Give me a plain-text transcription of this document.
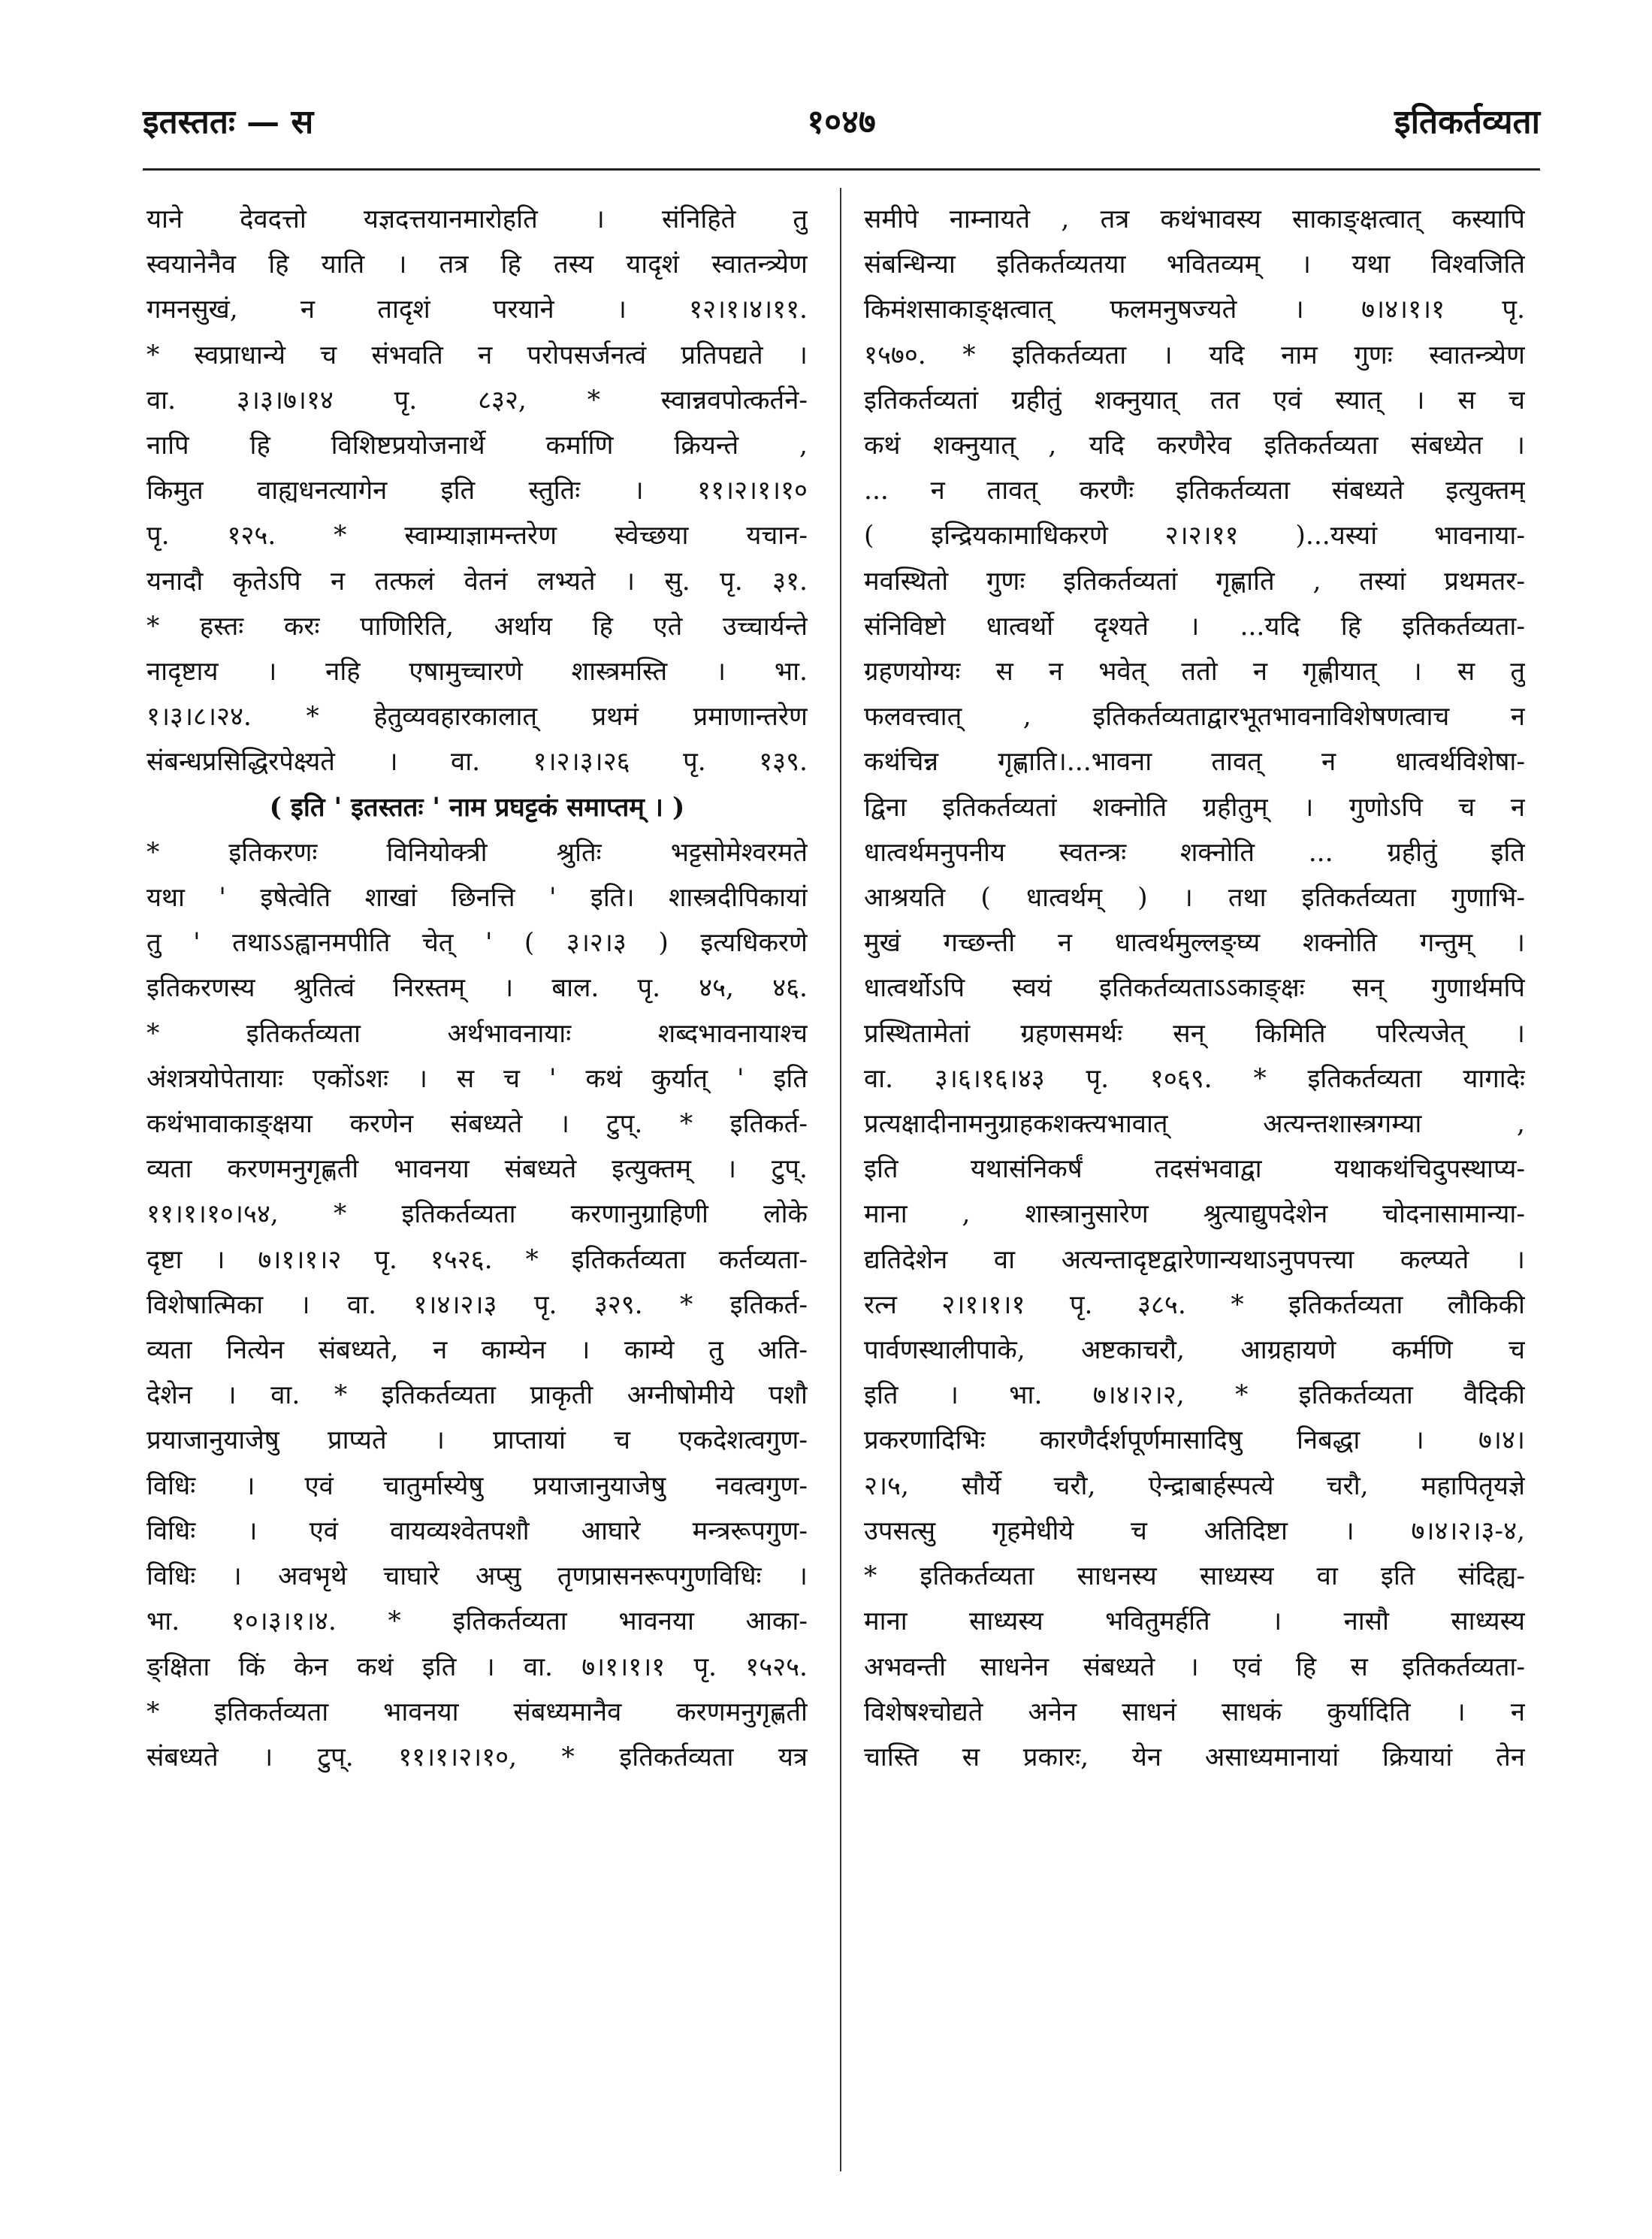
इतस्ततः — स	१०४७	इतिकर्तव्यता
याने देवदत्तो यज्ञदत्तयानमारोहति । संनिहिते तु
स्वयानेनैव हि याति । तत्र हि तस्य यादृशं स्वातन्त्र्येण
गमनसुखं, न तादृशं परयाने । १२।१।४।११.
* स्वप्राधान्ये च संभवति न परोपसर्जनत्वं प्रतिपद्यते ।
वा. ३।३।७।१४ पृ. ८३२, * स्वान्नवपोत्कर्तने-
नापि हि विशिष्टप्रयोजनार्थे कर्माणि क्रियन्ते ,
किमुत वाह्यधनत्यागेन इति स्तुतिः । ११।२।१।१०
पृ. १२५. * स्वाम्याज्ञामन्तरेण स्वेच्छया यचान-
यनादौ कृतेऽपि न तत्फलं वेतनं लभ्यते । सु. पृ. ३१.
* हस्तः करः पाणिरिति, अर्थाय हि एते उच्चार्यन्ते
नादृष्टाय । नहि एषामुच्चारणे शास्त्रमस्ति । भा.
१।३।८।२४. * हेतुव्यवहारकालात् प्रथमं प्रमाणान्तरेण
संबन्धप्रसिद्धिरपेक्ष्यते । वा. १।२।३।२६ पृ. १३९.
( इति ' इतस्ततः ' नाम प्रघट्टकं समाप्तम् । )
* इतिकरणः विनियोक्त्री श्रुतिः भट्टसोमेश्वरमते
यथा ' इषेत्वेति शाखां छिनत्ति ' इति। शास्त्रदीपिकायां
तु ' तथाऽऽह्वानमपीति चेत् ' ( ३।२।३ ) इत्यधिकरणे
इतिकरणस्य श्रुतित्वं निरस्तम् । बाल. पृ. ४५, ४६.
* इतिकर्तव्यता अर्थभावनायाः शब्दभावनायाश्च
अंशत्रयोपेतायाः एकोंऽशः । स च ' कथं कुर्यात् ' इति
कथंभावाकाङ्क्षया करणेन संबध्यते । टुप्. * इतिकर्त-
व्यता करणमनुगृह्णती भावनया संबध्यते इत्युक्तम् । टुप्.
११।१।१०।५४, * इतिकर्तव्यता करणानुग्राहिणी लोके
दृष्टा । ७।१।१।२ पृ. १५२६. * इतिकर्तव्यता कर्तव्यता-
विशेषात्मिका । वा. १।४।२।३ पृ. ३२९. * इतिकर्त-
व्यता नित्येन संबध्यते, न काम्येन । काम्ये तु अति-
देशेन । वा. * इतिकर्तव्यता प्राकृती अग्नीषोमीये पशौ
प्रयाजानुयाजेषु प्राप्यते । प्राप्तायां च एकदेशत्वगुण-
विधिः । एवं चातुर्मास्येषु प्रयाजानुयाजेषु नवत्वगुण-
विधिः । एवं वायव्यश्वेतपशौ आघारे मन्त्ररूपगुण-
विधिः । अवभृथे चाघारे अप्सु तृणप्रासनरूपगुणविधिः ।
भा. १०।३।१।४. * इतिकर्तव्यता भावनया आका-
ङ्क्षिता किं केन कथं इति । वा. ७।१।१।१ पृ. १५२५.
* इतिकर्तव्यता भावनया संबध्यमानैव करणमनुगृह्णती
संबध्यते । टुप्. ११।१।२।१०, * इतिकर्तव्यता यत्र
समीपे नाम्नायते , तत्र कथंभावस्य साकाङ्क्षत्वात् कस्यापि
संबन्धिन्या इतिकर्तव्यतया भवितव्यम् । यथा विश्वजिति
किमंशसाकाङ्क्षत्वात् फलमनुषज्यते । ७।४।१।१ पृ.
१५७०. * इतिकर्तव्यता । यदि नाम गुणः स्वातन्त्र्येण
इतिकर्तव्यतां ग्रहीतुं शक्नुयात् तत एवं स्यात् । स च
कथं शक्नुयात् , यदि करणैरेव इतिकर्तव्यता संबध्येत ।
... न तावत् करणैः इतिकर्तव्यता संबध्यते इत्युक्तम्
( इन्द्रियकामाधिकरणे २।२।११ )...यस्यां भावनाया-
मवस्थितो गुणः इतिकर्तव्यतां गृह्णाति , तस्यां प्रथमतर-
संनिविष्टो धात्वर्थो दृश्यते । ...यदि हि इतिकर्तव्यता-
ग्रहणयोग्यः स न भवेत् ततो न गृह्णीयात् । स तु
फलवत्त्वात् , इतिकर्तव्यताद्वारभूतभावनाविशेषणत्वाच न
कथंचिन्न गृह्णाति।...भावना तावत् न धात्वर्थविशेषा-
द्विना इतिकर्तव्यतां शक्नोति ग्रहीतुम् । गुणोऽपि च न
धात्वर्थमनुपनीय स्वतन्त्रः शक्नोति ... ग्रहीतुं इति
आश्रयति ( धात्वर्थम् ) । तथा इतिकर्तव्यता गुणाभि-
मुखं गच्छन्ती न धात्वर्थमुल्लङ्घ्य शक्नोति गन्तुम् ।
धात्वर्थोऽपि स्वयं इतिकर्तव्यताऽऽकाङ्क्षः सन् गुणार्थमपि
प्रस्थितामेतां ग्रहणसमर्थः सन् किमिति परित्यजेत् ।
वा. ३।६।१६।४३ पृ. १०६९. * इतिकर्तव्यता यागादेः
प्रत्यक्षादीनामनुग्राहकशक्त्यभावात् अत्यन्तशास्त्रगम्या ,
इति यथासंनिकर्षं तदसंभवाद्वा यथाकथंचिदुपस्थाप्य-
माना , शास्त्रानुसारेण श्रुत्याद्युपदेशेन चोदनासामान्या-
द्यतिदेशेन वा अत्यन्तादृष्टद्वारेणान्यथाऽनुपपत्त्या कल्प्यते ।
रत्न २।१।१।१ पृ. ३८५. * इतिकर्तव्यता लौकिकी
पार्वणस्थालीपाके, अष्टकाचरौ, आग्रहायणे कर्मणि च
इति । भा. ७।४।२।२, * इतिकर्तव्यता वैदिकी
प्रकरणादिभिः कारणैर्दर्शपूर्णमासादिषु निबद्धा । ७।४।
२।५, सौर्ये चरौ, ऐन्द्राबार्हस्पत्ये चरौ, महापितृयज्ञे
उपसत्सु गृहमेधीये च अतिदिष्टा । ७।४।२।३-४,
* इतिकर्तव्यता साधनस्य साध्यस्य वा इति संदिह्य-
माना साध्यस्य भवितुमर्हति । नासौ साध्यस्य
अभवन्ती साधनेन संबध्यते । एवं हि स इतिकर्तव्यता-
विशेषश्चोद्यते अनेन साधनं साधकं कुर्यादिति । न
चास्ति स प्रकारः, येन असाध्यमानायां क्रियायां तेन
